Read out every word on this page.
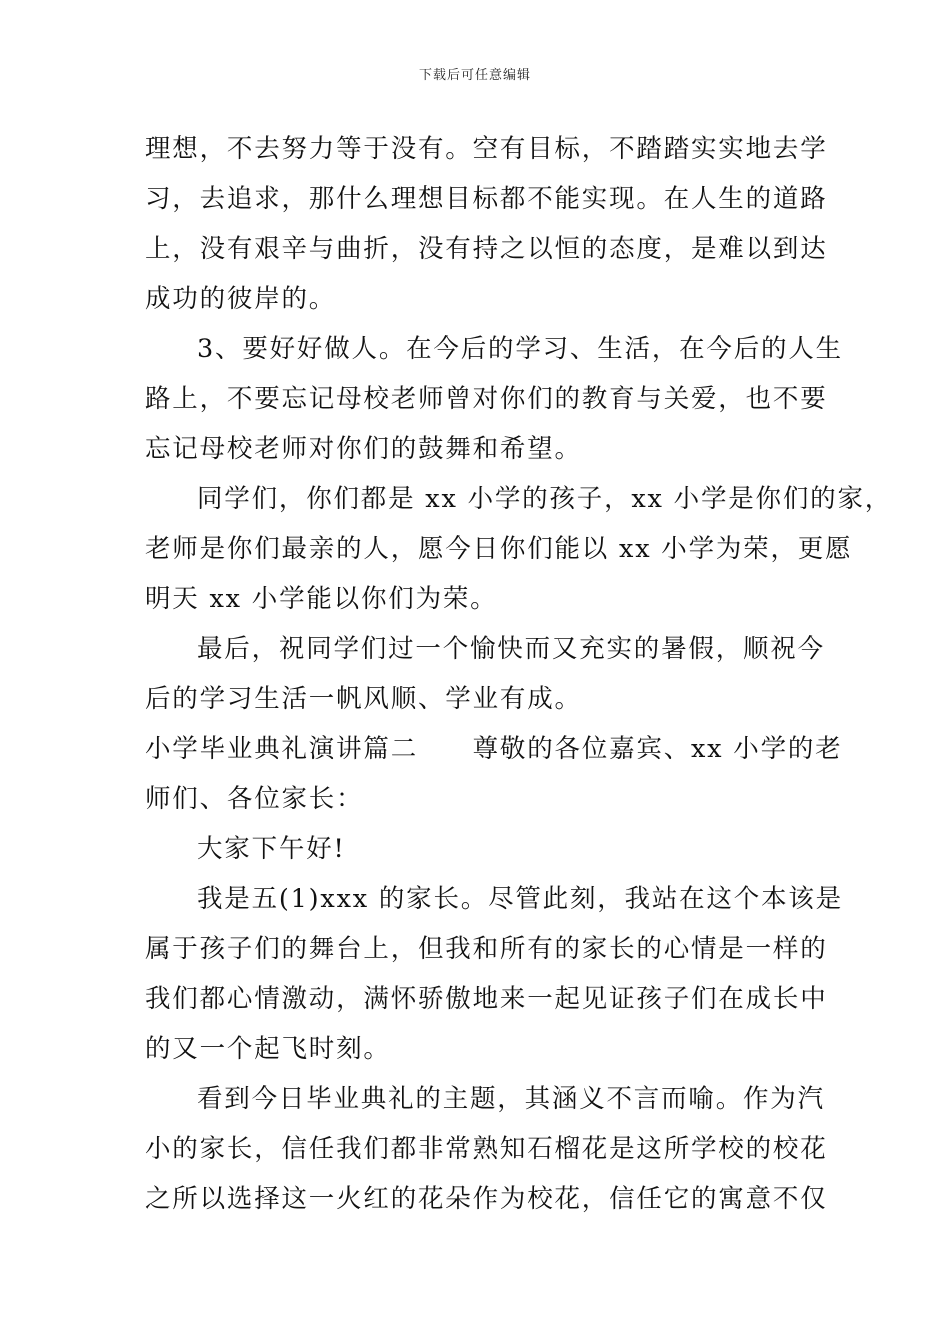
下载后可任意编辑
理想，不去努力等于没有。空有目标，不踏踏实实地去学
习，去追求，那什么理想目标都不能实现。在人生的道路
上，没有艰辛与曲折，没有持之以恒的态度，是难以到达
成功的彼岸的。
3、要好好做人。在今后的学习、生活，在今后的人生
路上，不要忘记母校老师曾对你们的教育与关爱，也不要
忘记母校老师对你们的鼓舞和希望。
同学们，你们都是 xx 小学的孩子，xx 小学是你们的家，
老师是你们最亲的人，愿今日你们能以 xx 小学为荣，更愿
明天 xx 小学能以你们为荣。
最后，祝同学们过一个愉快而又充实的暑假，顺祝今
后的学习生活一帆风顺、学业有成。
小学毕业典礼演讲篇二　　尊敬的各位嘉宾、xx 小学的老
师们、各位家长：
大家下午好!
我是五(1)xxx 的家长。尽管此刻，我站在这个本该是
属于孩子们的舞台上，但我和所有的家长的心情是一样的
我们都心情激动，满怀骄傲地来一起见证孩子们在成长中
的又一个起飞时刻。
看到今日毕业典礼的主题，其涵义不言而喻。作为汽
小的家长，信任我们都非常熟知石榴花是这所学校的校花
之所以选择这一火红的花朵作为校花，信任它的寓意不仅
